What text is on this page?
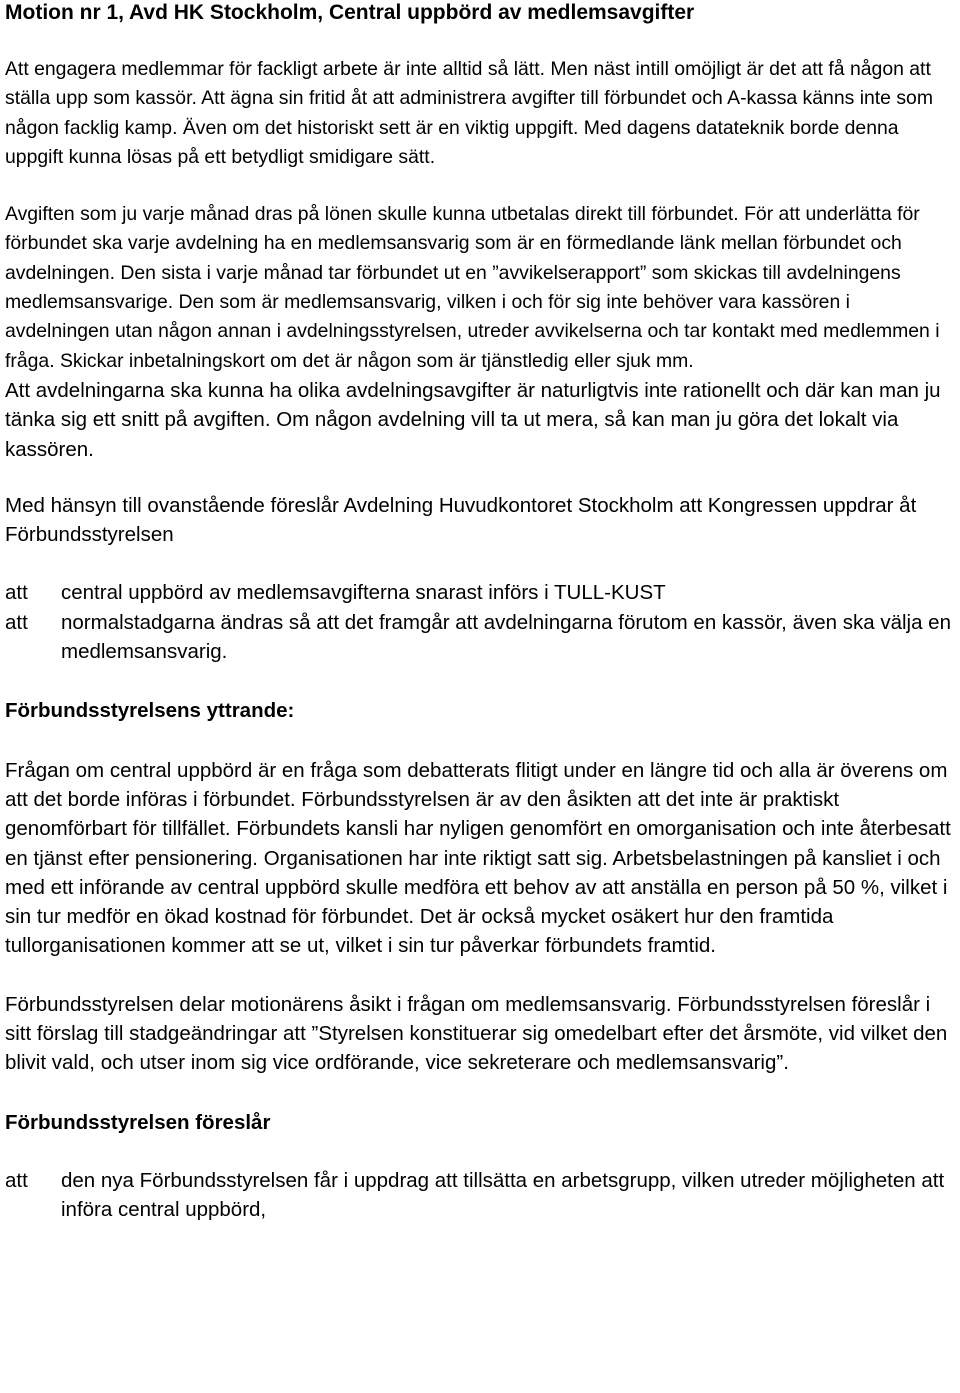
Motion nr 1, Avd HK Stockholm, Central uppbörd av medlemsavgifter

Att engagera medlemmar för fackligt arbete är inte alltid så lätt. Men näst intill omöjligt är det att få någon att ställa upp som kassör. Att ägna sin fritid åt att administrera avgifter till förbundet och A-kassa känns inte som någon facklig kamp. Även om det historiskt sett är en viktig uppgift. Med dagens datateknik borde denna uppgift kunna lösas på ett betydligt smidigare sätt.

Avgiften som ju varje månad dras på lönen skulle kunna utbetalas direkt till förbundet. För att underlätta för förbundet ska varje avdelning ha en medlemsansvarig som är en förmedlande länk mellan förbundet och avdelningen. Den sista i varje månad tar förbundet ut en ”avvikelserapport” som skickas till avdelningens medlemsansvarige. Den som är medlemsansvarig, vilken i och för sig inte behöver vara kassören i avdelningen utan någon annan i avdelningsstyrelsen, utreder avvikelserna och tar kontakt med medlemmen i fråga. Skickar inbetalningskort om det är någon som är tjänstledig eller sjuk mm.

Att avdelningarna ska kunna ha olika avdelningsavgifter är naturligtvis inte rationellt och där kan man ju tänka sig ett snitt på avgiften. Om någon avdelning vill ta ut mera, så kan man ju göra det lokalt via kassören.

Med hänsyn till ovanstående föreslår Avdelning Huvudkontoret Stockholm att Kongressen uppdrar åt Förbundsstyrelsen

att	central uppbörd av medlemsavgifterna snarast införs i TULL-KUST
att	normalstadgarna ändras så att det framgår att avdelningarna förutom en kassör, även ska välja en medlemsansvarig.
Förbundsstyrelsens yttrande:

Frågan om central uppbörd är en fråga som debatterats flitigt under en längre tid och alla är överens om att det borde införas i förbundet. Förbundsstyrelsen är av den åsikten att det inte är praktiskt genomförbart för tillfället. Förbundets kansli har nyligen genomfört en omorganisation och inte återbesatt en tjänst efter pensionering. Organisationen har inte riktigt satt sig. Arbetsbelastningen på kansliet i och med ett införande av central uppbörd skulle medföra ett behov av att anställa en person på 50 %, vilket i sin tur medför en ökad kostnad för förbundet. Det är också mycket osäkert hur den framtida tullorganisationen kommer att se ut, vilket i sin tur påverkar förbundets framtid.

Förbundsstyrelsen delar motionärens åsikt i frågan om medlemsansvarig. Förbundsstyrelsen föreslår i sitt förslag till stadgeändringar att ”Styrelsen konstituerar sig omedelbart efter det årsmöte, vid vilket den blivit vald, och utser inom sig vice ordförande, vice sekreterare och medlemsansvarig”.

Förbundsstyrelsen föreslår
att	den nya Förbundsstyrelsen får i uppdrag att tillsätta en arbetsgrupp, vilken utreder möjligheten att införa central uppbörd,
